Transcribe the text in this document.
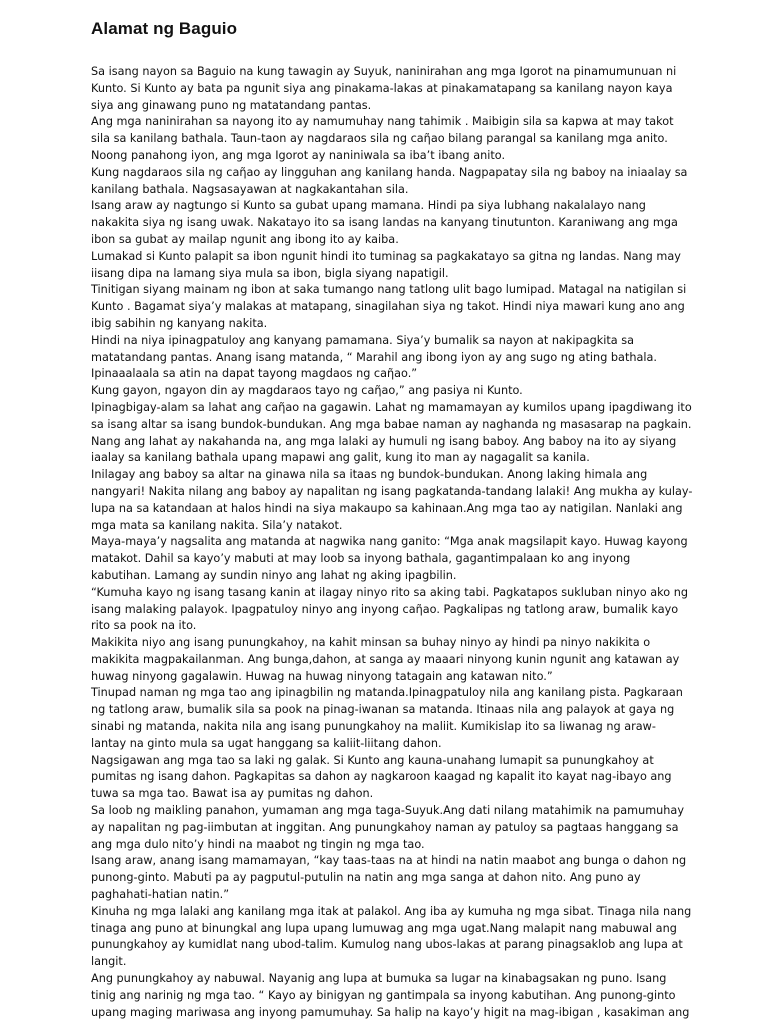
Alamat ng Baguio
Sa isang nayon sa Baguio na kung tawagin ay Suyuk, naninirahan ang mga Igorot na pinamumunuan ni
Kunto. Si Kunto ay bata pa ngunit siya ang pinakama-lakas at pinakamatapang sa kanilang nayon kaya
siya ang ginawang puno ng matatandang pantas.
Ang mga naninirahan sa nayong ito ay namumuhay nang tahimik . Maibigin sila sa kapwa at may takot
sila sa kanilang bathala. Taun-taon ay nagdaraos sila ng caῆao bilang parangal sa kanilang mga anito.
Noong panahong iyon, ang mga Igorot ay naniniwala sa iba’t ibang anito.
Kung nagdaraos sila ng caῆao ay lingguhan ang kanilang handa. Nagpapatay sila ng baboy na iniaalay sa
kanilang bathala. Nagsasayawan at nagkakantahan sila.
Isang araw ay nagtungo si Kunto sa gubat upang mamana. Hindi pa siya lubhang nakalalayo nang
nakakita siya ng isang uwak. Nakatayo ito sa isang landas na kanyang tinutunton. Karaniwang ang mga
ibon sa gubat ay mailap ngunit ang ibong ito ay kaiba.
Lumakad si Kunto palapit sa ibon ngunit hindi ito tuminag sa pagkakatayo sa gitna ng landas. Nang may
iisang dipa na lamang siya mula sa ibon, bigla siyang napatigil.
Tinitigan siyang mainam ng ibon at saka tumango nang tatlong ulit bago lumipad. Matagal na natigilan si
Kunto . Bagamat siya’y malakas at matapang, sinagilahan siya ng takot. Hindi niya mawari kung ano ang
ibig sabihin ng kanyang nakita.
Hindi na niya ipinagpatuloy ang kanyang pamamana. Siya’y bumalik sa nayon at nakipagkita sa
matatandang pantas. Anang isang matanda, “ Marahil ang ibong iyon ay ang sugo ng ating bathala.
Ipinaaalaala sa atin na dapat tayong magdaos ng caῆao.”
Kung gayon, ngayon din ay magdaraos tayo ng caῆao,” ang pasiya ni Kunto.
Ipinagbigay-alam sa lahat ang caῆao na gagawin. Lahat ng mamamayan ay kumilos upang ipagdiwang ito
sa isang altar sa isang bundok-bundukan. Ang mga babae naman ay naghanda ng masasarap na pagkain.
Nang ang lahat ay nakahanda na, ang mga lalaki ay humuli ng isang baboy. Ang baboy na ito ay siyang
iaalay sa kanilang bathala upang mapawi ang galit, kung ito man ay nagagalit sa kanila.
Inilagay ang baboy sa altar na ginawa nila sa itaas ng bundok-bundukan. Anong laking himala ang
nangyari! Nakita nilang ang baboy ay napalitan ng isang pagkatanda-tandang lalaki! Ang mukha ay kulay-
lupa na sa katandaan at halos hindi na siya makaupo sa kahinaan.Ang mga tao ay natigilan. Nanlaki ang
mga mata sa kanilang nakita. Sila’y natakot.
Maya-maya’y nagsalita ang matanda at nagwika nang ganito: “Mga anak magsilapit kayo. Huwag kayong
matakot. Dahil sa kayo’y mabuti at may loob sa inyong bathala, gagantimpalaan ko ang inyong
kabutihan. Lamang ay sundin ninyo ang lahat ng aking ipagbilin.
“Kumuha kayo ng isang tasang kanin at ilagay ninyo rito sa aking tabi. Pagkatapos sukluban ninyo ako ng
isang malaking palayok. Ipagpatuloy ninyo ang inyong caῆao. Pagkalipas ng tatlong araw, bumalik kayo
rito sa pook na ito.
Makikita niyo ang isang punungkahoy, na kahit minsan sa buhay ninyo ay hindi pa ninyo nakikita o
makikita magpakailanman. Ang bunga,dahon, at sanga ay maaari ninyong kunin ngunit ang katawan ay
huwag ninyong gagalawin. Huwag na huwag ninyong tatagain ang katawan nito.”
Tinupad naman ng mga tao ang ipinagbilin ng matanda.Ipinagpatuloy nila ang kanilang pista. Pagkaraan
ng tatlong araw, bumalik sila sa pook na pinag-iwanan sa matanda. Itinaas nila ang palayok at gaya ng
sinabi ng matanda, nakita nila ang isang punungkahoy na maliit. Kumikislap ito sa liwanag ng araw-
lantay na ginto mula sa ugat hanggang sa kaliit-liitang dahon.
Nagsigawan ang mga tao sa laki ng galak. Si Kunto ang kauna-unahang lumapit sa punungkahoy at
pumitas ng isang dahon. Pagkapitas sa dahon ay nagkaroon kaagad ng kapalit ito kayat nag-ibayo ang
tuwa sa mga tao. Bawat isa ay pumitas ng dahon.
Sa loob ng maikling panahon, yumaman ang mga taga-Suyuk.Ang dati nilang matahimik na pamumuhay
ay napalitan ng pag-iimbutan at inggitan. Ang punungkahoy naman ay patuloy sa pagtaas hanggang sa
ang mga dulo nito’y hindi na maabot ng tingin ng mga tao.
Isang araw, anang isang mamamayan, “kay taas-taas na at hindi na natin maabot ang bunga o dahon ng
punong-ginto. Mabuti pa ay pagputul-putulin na natin ang mga sanga at dahon nito. Ang puno ay
paghahati-hatian natin.”
Kinuha ng mga lalaki ang kanilang mga itak at palakol. Ang iba ay kumuha ng mga sibat. Tinaga nila nang
tinaga ang puno at binungkal ang lupa upang lumuwag ang mga ugat.Nang malapit nang mabuwal ang
punungkahoy ay kumidlat nang ubod-talim. Kumulog nang ubos-lakas at parang pinagsaklob ang lupa at
langit.
Ang punungkahoy ay nabuwal. Nayanig ang lupa at bumuka sa lugar na kinabagsakan ng puno. Isang
tinig ang narinig ng mga tao. “ Kayo ay binigyan ng gantimpala sa inyong kabutihan. Ang punong-ginto
upang maging mariwasa ang inyong pamumuhay. Sa halip na kayo’y higit na mag-ibigan , kasakiman ang
